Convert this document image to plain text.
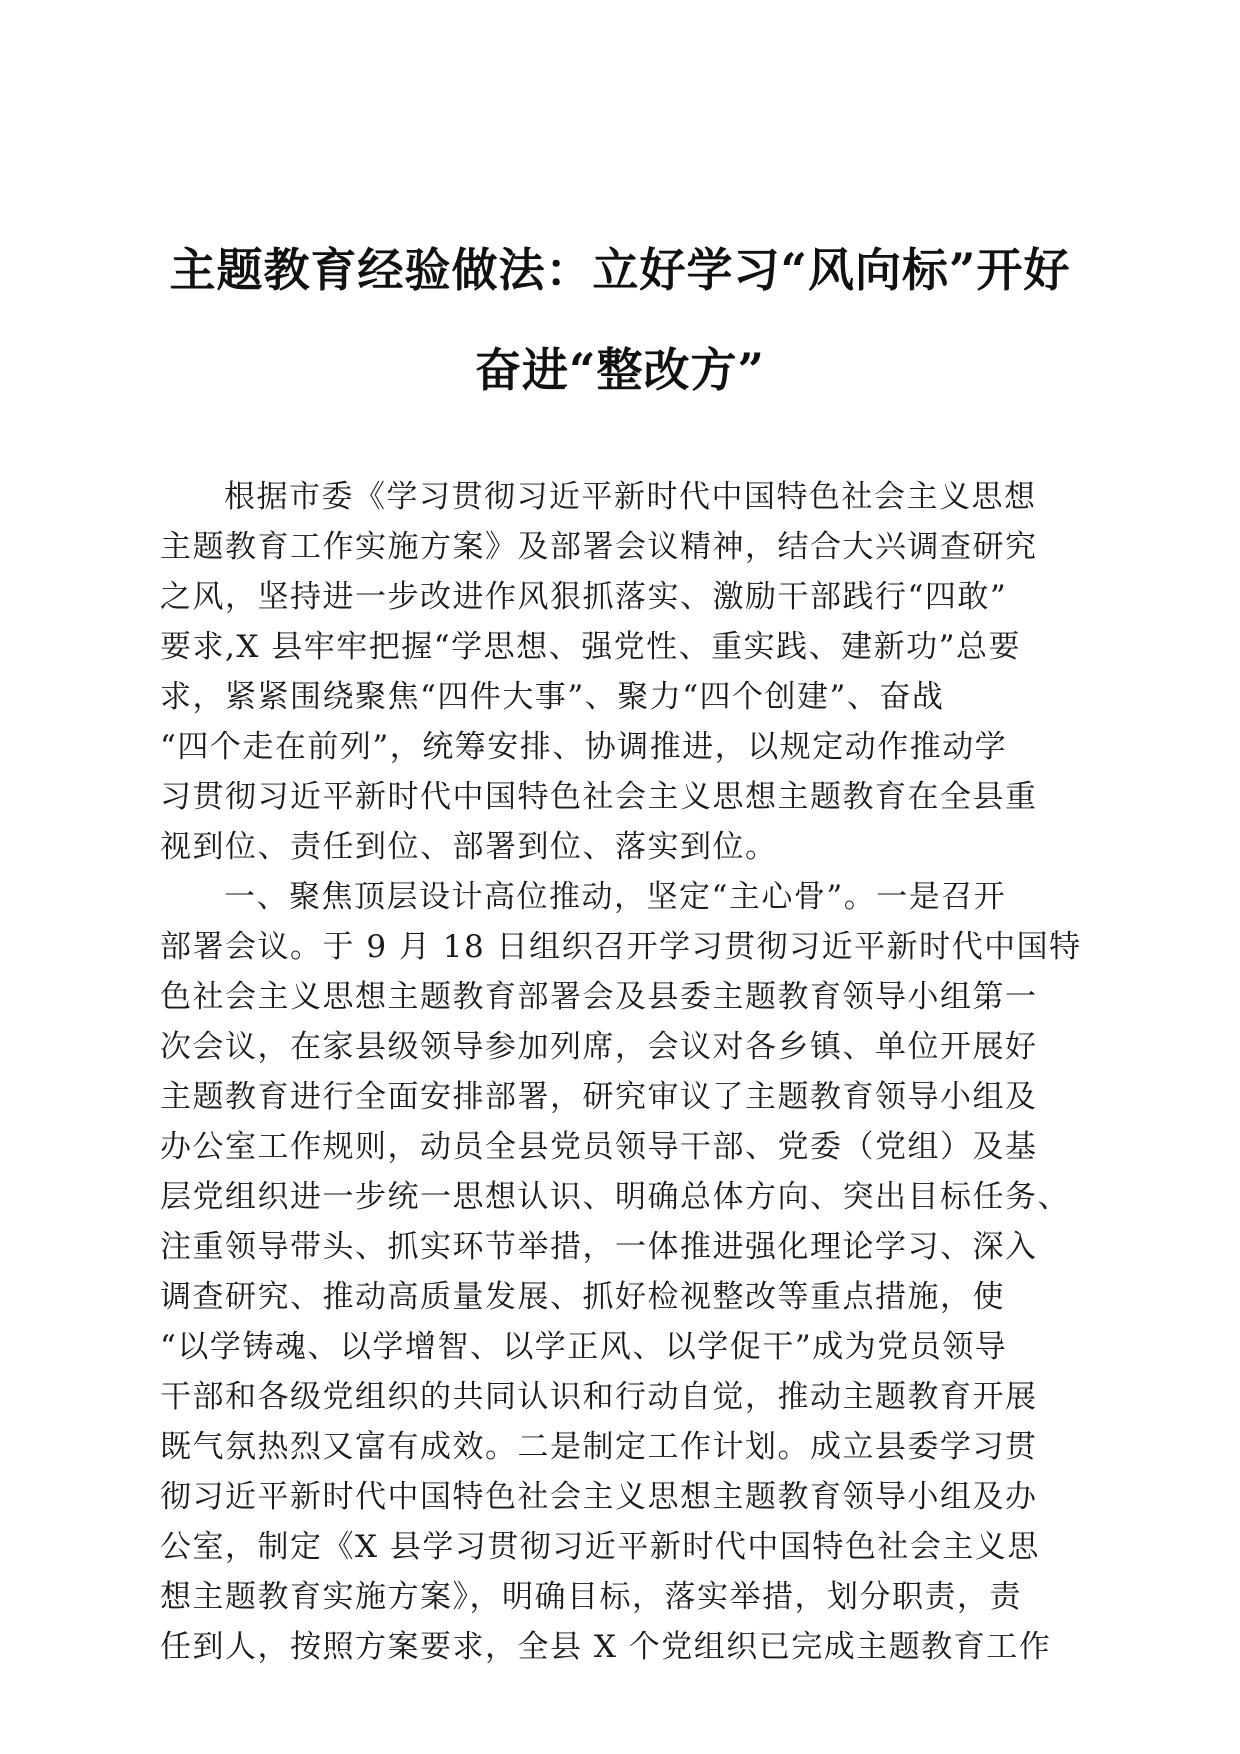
主题教育经验做法：立好学习“风向标”开好
奋进“整改方”
根据市委《学习贯彻习近平新时代中国特色社会主义思想
主题教育工作实施方案》及部署会议精神，结合大兴调查研究
之风，坚持进一步改进作风狠抓落实、激励干部践行“四敢”
要求,X 县牢牢把握“学思想、强党性、重实践、建新功”总要
求，紧紧围绕聚焦“四件大事”、聚力“四个创建”、奋战
“四个走在前列”，统筹安排、协调推进，以规定动作推动学
习贯彻习近平新时代中国特色社会主义思想主题教育在全县重
视到位、责任到位、部署到位、落实到位。
一、聚焦顶层设计高位推动，坚定“主心骨”。一是召开
部署会议。于 9 月 18 日组织召开学习贯彻习近平新时代中国特
色社会主义思想主题教育部署会及县委主题教育领导小组第一
次会议，在家县级领导参加列席，会议对各乡镇、单位开展好
主题教育进行全面安排部署，研究审议了主题教育领导小组及
办公室工作规则，动员全县党员领导干部、党委（党组）及基
层党组织进一步统一思想认识、明确总体方向、突出目标任务、
注重领导带头、抓实环节举措，一体推进强化理论学习、深入
调查研究、推动高质量发展、抓好检视整改等重点措施，使
“以学铸魂、以学增智、以学正风、以学促干”成为党员领导
干部和各级党组织的共同认识和行动自觉，推动主题教育开展
既气氛热烈又富有成效。二是制定工作计划。成立县委学习贯
彻习近平新时代中国特色社会主义思想主题教育领导小组及办
公室，制定《X 县学习贯彻习近平新时代中国特色社会主义思
想主题教育实施方案》，明确目标，落实举措，划分职责，责
任到人，按照方案要求，全县 X 个党组织已完成主题教育工作
